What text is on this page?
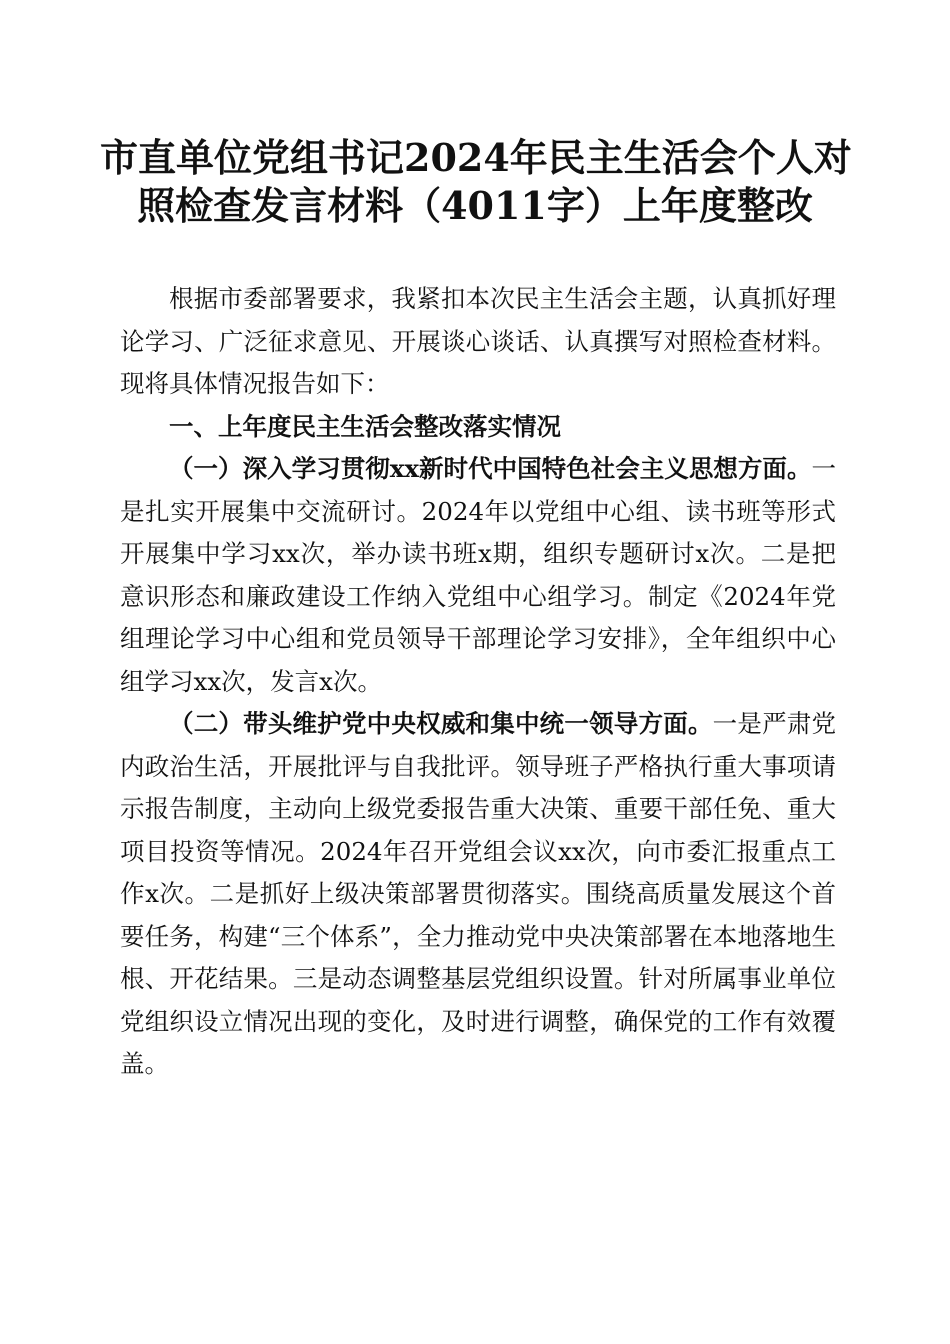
市直单位党组书记2024年民主生活会个人对
照检查发言材料（4011字）上年度整改

根据市委部署要求，我紧扣本次民主生活会主题，认真抓好理论学习、广泛征求意见、开展谈心谈话、认真撰写对照检查材料。现将具体情况报告如下：

一、上年度民主生活会整改落实情况

（一）深入学习贯彻xx新时代中国特色社会主义思想方面。一是扎实开展集中交流研讨。2024年以党组中心组、读书班等形式开展集中学习xx次，举办读书班x期，组织专题研讨x次。二是把意识形态和廉政建设工作纳入党组中心组学习。制定《2024年党组理论学习中心组和党员领导干部理论学习安排》，全年组织中心组学习xx次，发言x次。

（二）带头维护党中央权威和集中统一领导方面。一是严肃党内政治生活，开展批评与自我批评。领导班子严格执行重大事项请示报告制度，主动向上级党委报告重大决策、重要干部任免、重大项目投资等情况。2024年召开党组会议xx次，向市委汇报重点工作x次。二是抓好上级决策部署贯彻落实。围绕高质量发展这个首要任务，构建“三个体系”，全力推动党中央决策部署在本地落地生根、开花结果。三是动态调整基层党组织设置。针对所属事业单位党组织设立情况出现的变化，及时进行调整，确保党的工作有效覆盖。
